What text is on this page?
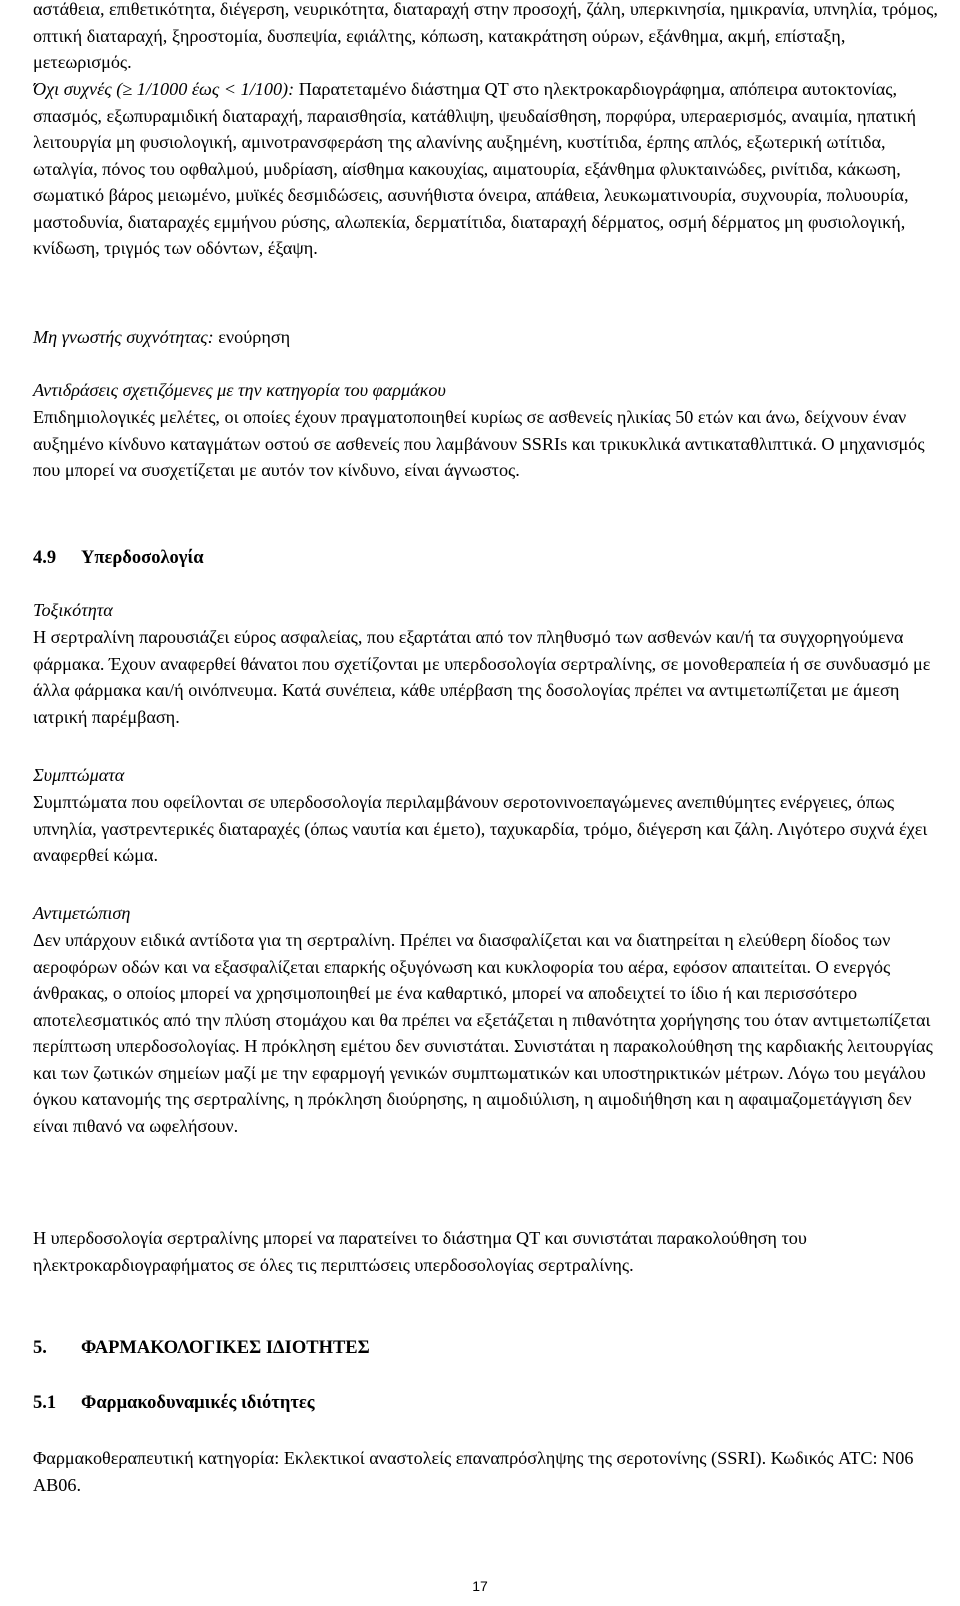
αστάθεια, επιθετικότητα, διέγερση, νευρικότητα, διαταραχή στην προσοχή, ζάλη, υπερκινησία, ημικρανία, υπνηλία, τρόμος, οπτική διαταραχή, ξηροστομία, δυσπεψία, εφιάλτης, κόπωση, κατακράτηση ούρων, εξάνθημα, ακμή, επίσταξη, μετεωρισμός.

Όχι συχνές (≥ 1/1000 έως < 1/100): Παρατεταμένο διάστημα QT στο ηλεκτροκαρδιογράφημα, απόπειρα αυτοκτονίας, σπασμός, εξωπυραμιδική διαταραχή, παραισθησία, κατάθλιψη, ψευδαίσθηση, πορφύρα, υπεραερισμός, αναιμία, ηπατική λειτουργία μη φυσιολογική, αμινοτρανσφεράση της αλανίνης αυξημένη, κυστίτιδα, έρπης απλός, εξωτερική ωτίτιδα, ωταλγία, πόνος του οφθαλμού, μυδρίαση, αίσθημα κακουχίας, αιματουρία, εξάνθημα φλυκταινώδες, ρινίτιδα, κάκωση, σωματικό βάρος μειωμένο, μυϊκές δεσμιδώσεις, ασυνήθιστα όνειρα, απάθεια, λευκωματινουρία, συχνουρία, πολυουρία, μαστοδυνία, διαταραχές εμμήνου ρύσης, αλωπεκία, δερματίτιδα, διαταραχή δέρματος, οσμή δέρματος μη φυσιολογική, κνίδωση, τριγμός των οδόντων, έξαψη.

Μη γνωστής συχνότητας: ενούρηση

Αντιδράσεις σχετιζόμενες με την κατηγορία του φαρμάκου

Επιδημιολογικές μελέτες, οι οποίες έχουν πραγματοποιηθεί κυρίως σε ασθενείς ηλικίας 50 ετών και άνω, δείχνουν έναν αυξημένο κίνδυνο καταγμάτων οστού σε ασθενείς που λαμβάνουν SSRIs και τρικυκλικά αντικαταθλιπτικά. Ο μηχανισμός που μπορεί να συσχετίζεται με αυτόν τον κίνδυνο, είναι άγνωστος.

4.9 Υπερδοσολογία

Τοξικότητα

Η σερτραλίνη παρουσιάζει εύρος ασφαλείας, που εξαρτάται από τον πληθυσμό των ασθενών και/ή τα συγχορηγούμενα φάρμακα. Έχουν αναφερθεί θάνατοι που σχετίζονται με υπερδοσολογία σερτραλίνης, σε μονοθεραπεία ή σε συνδυασμό με άλλα φάρμακα και/ή οινόπνευμα. Κατά συνέπεια, κάθε υπέρβαση της δοσολογίας πρέπει να αντιμετωπίζεται με άμεση ιατρική παρέμβαση.

Συμπτώματα

Συμπτώματα που οφείλονται σε υπερδοσολογία περιλαμβάνουν σεροτονινοεπαγώμενες ανεπιθύμητες ενέργειες, όπως υπνηλία, γαστρεντερικές διαταραχές (όπως ναυτία και έμετο), ταχυκαρδία, τρόμο, διέγερση και ζάλη. Λιγότερο συχνά έχει αναφερθεί κώμα.

Αντιμετώπιση

Δεν υπάρχουν ειδικά αντίδοτα για τη σερτραλίνη. Πρέπει να διασφαλίζεται και να διατηρείται η ελεύθερη δίοδος των αεροφόρων οδών και να εξασφαλίζεται επαρκής οξυγόνωση και κυκλοφορία του αέρα, εφόσον απαιτείται. Ο ενεργός άνθρακας, ο οποίος μπορεί να χρησιμοποιηθεί με ένα καθαρτικό, μπορεί να αποδειχτεί το ίδιο ή και περισσότερο αποτελεσματικός από την πλύση στομάχου και θα πρέπει να εξετάζεται η πιθανότητα χορήγησης του όταν αντιμετωπίζεται περίπτωση υπερδοσολογίας. Η πρόκληση εμέτου δεν συνιστάται. Συνιστάται η παρακολούθηση της καρδιακής λειτουργίας και των ζωτικών σημείων μαζί με την εφαρμογή γενικών συμπτωματικών και υποστηρικτικών μέτρων. Λόγω του μεγάλου όγκου κατανομής της σερτραλίνης, η πρόκληση διούρησης, η αιμοδιύλιση, η αιμοδιήθηση και η αφαιμαζομετάγγιση δεν είναι πιθανό να ωφελήσουν.

Η υπερδοσολογία σερτραλίνης μπορεί να παρατείνει το διάστημα QT και συνιστάται παρακολούθηση του ηλεκτροκαρδιογραφήματος σε όλες τις περιπτώσεις υπερδοσολογίας σερτραλίνης.

5. ΦΑΡΜΑΚΟΛΟΓΙΚΕΣ ΙΔΙΟΤΗΤΕΣ
5.1 Φαρμακοδυναμικές ιδιότητες

Φαρμακοθεραπευτική κατηγορία: Εκλεκτικοί αναστολείς επαναπρόσληψης της σεροτονίνης (SSRI). Κωδικός ATC: N06 AB06.

17
